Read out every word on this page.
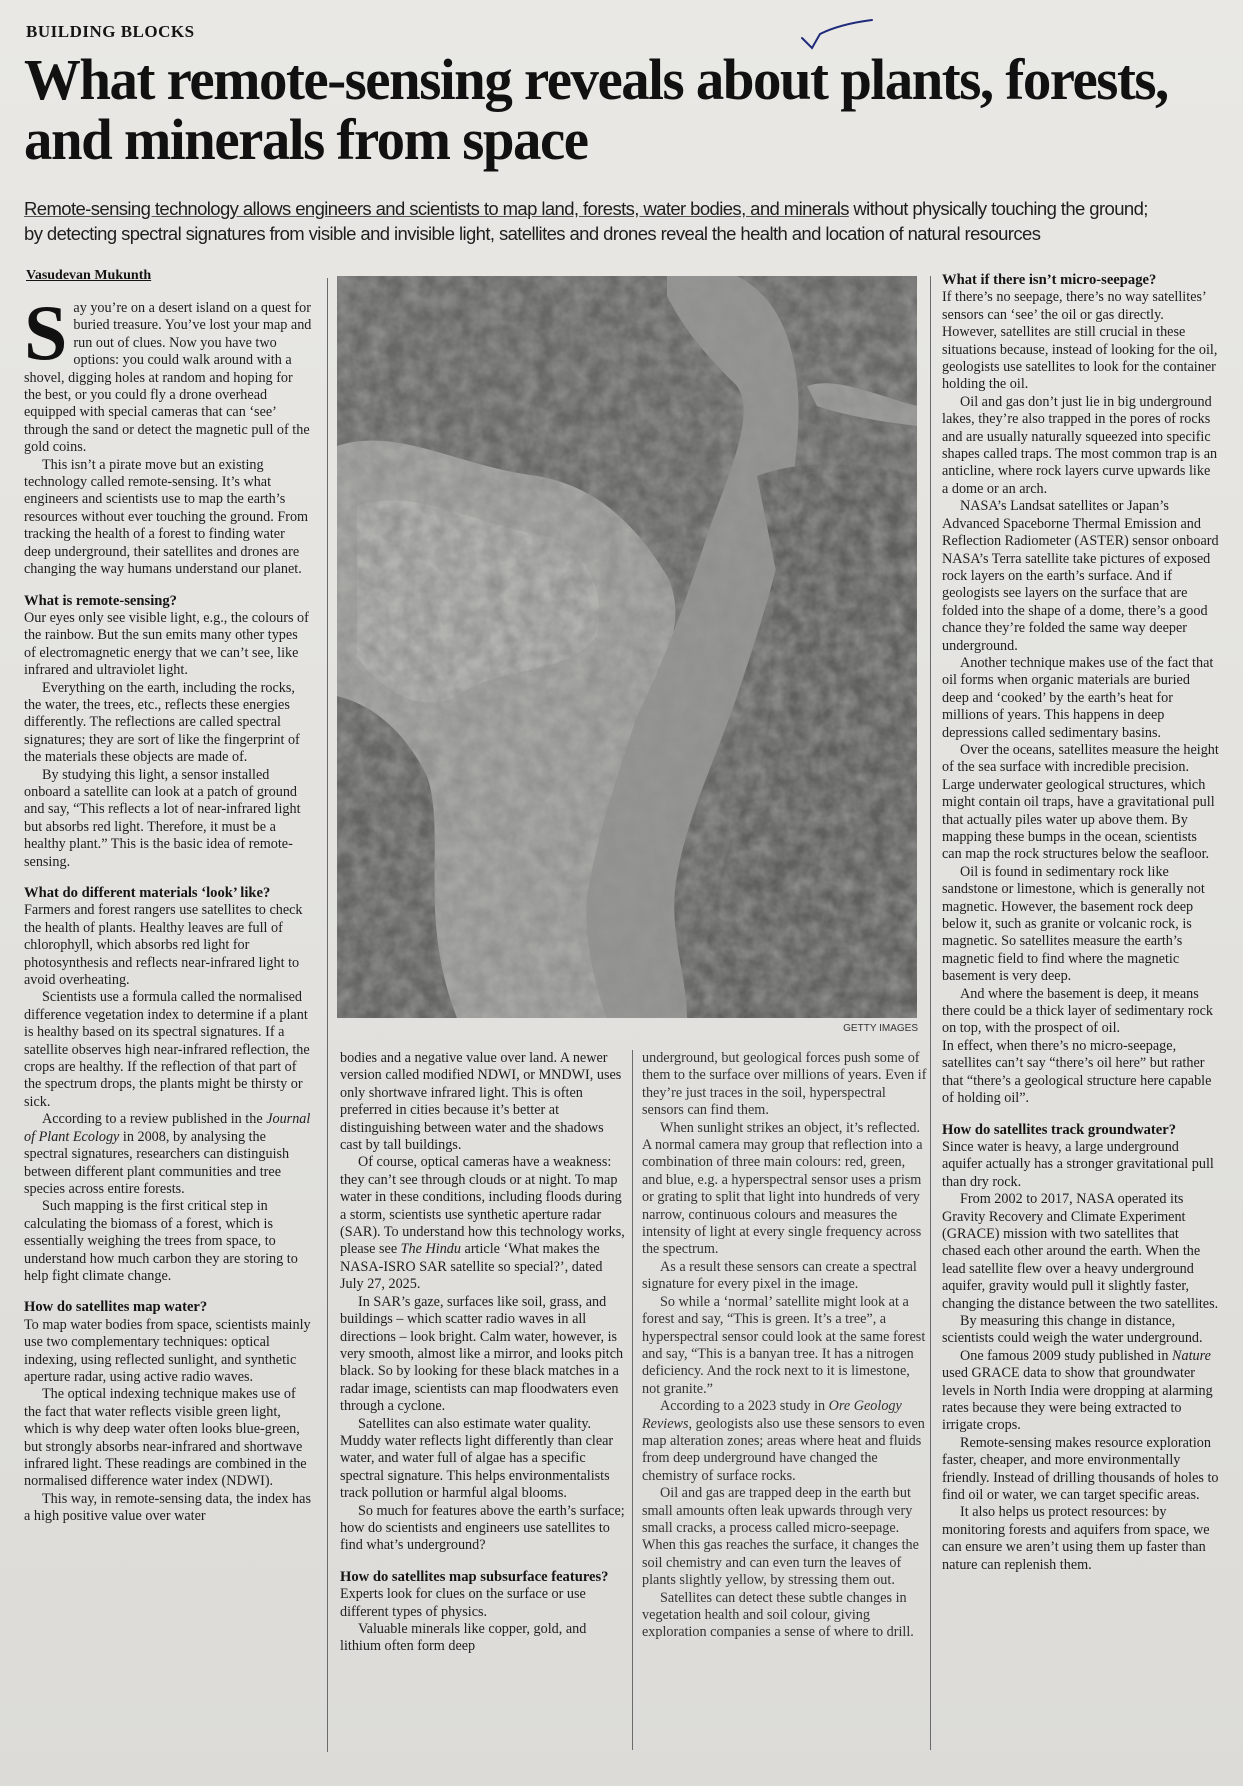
BUILDING BLOCKS
What remote-sensing reveals about plants, forests, and minerals from space

Remote-sensing technology allows engineers and scientists to map land, forests, water bodies, and minerals without physically touching the ground;
by detecting spectral signatures from visible and invisible light, satellites and drones reveal the health and location of natural resources

Vasudevan Mukunth
GETTY IMAGES

Say you’re on a desert island on a quest for buried treasure. You’ve lost your map and run out of clues. Now you have two options: you could walk around with a shovel, digging holes at random and hoping for the best, or you could fly a drone overhead equipped with special cameras that can ‘see’ through the sand or detect the magnetic pull of the gold coins.

This isn’t a pirate move but an existing technology called remote-sensing. It’s what engineers and scientists use to map the earth’s resources without ever touching the ground. From tracking the health of a forest to finding water deep underground, their satellites and drones are changing the way humans understand our planet.

What is remote-sensing?

Our eyes only see visible light, e.g., the colours of the rainbow. But the sun emits many other types of electromagnetic energy that we can’t see, like infrared and ultraviolet light.

Everything on the earth, including the rocks, the water, the trees, etc., reflects these energies differently. The reflections are called spectral signatures; they are sort of like the fingerprint of the materials these objects are made of.

By studying this light, a sensor installed onboard a satellite can look at a patch of ground and say, “This reflects a lot of near-infrared light but absorbs red light. Therefore, it must be a healthy plant.” This is the basic idea of remote-sensing.

What do different materials ‘look’ like?

Farmers and forest rangers use satellites to check the health of plants. Healthy leaves are full of chlorophyll, which absorbs red light for photosynthesis and reflects near-infrared light to avoid overheating.

Scientists use a formula called the normalised difference vegetation index to determine if a plant is healthy based on its spectral signatures. If a satellite observes high near-infrared reflection, the crops are healthy. If the reflection of that part of the spectrum drops, the plants might be thirsty or sick.

According to a review published in the Journal of Plant Ecology in 2008, by analysing the spectral signatures, researchers can distinguish between different plant communities and tree species across entire forests.

Such mapping is the first critical step in calculating the biomass of a forest, which is essentially weighing the trees from space, to understand how much carbon they are storing to help fight climate change.

How do satellites map water?

To map water bodies from space, scientists mainly use two complementary techniques: optical indexing, using reflected sunlight, and synthetic aperture radar, using active radio waves.

The optical indexing technique makes use of the fact that water reflects visible green light, which is why deep water often looks blue-green, but strongly absorbs near-infrared and shortwave infrared light. These readings are combined in the normalised difference water index (NDWI).

This way, in remote-sensing data, the index has a high positive value over water

bodies and a negative value over land. A newer version called modified NDWI, or MNDWI, uses only shortwave infrared light. This is often preferred in cities because it’s better at distinguishing between water and the shadows cast by tall buildings.

Of course, optical cameras have a weakness: they can’t see through clouds or at night. To map water in these conditions, including floods during a storm, scientists use synthetic aperture radar (SAR). To understand how this technology works, please see The Hindu article ‘What makes the NASA-ISRO SAR satellite so special?’, dated July 27, 2025.

In SAR’s gaze, surfaces like soil, grass, and buildings – which scatter radio waves in all directions – look bright. Calm water, however, is very smooth, almost like a mirror, and looks pitch black. So by looking for these black matches in a radar image, scientists can map floodwaters even through a cyclone.

Satellites can also estimate water quality. Muddy water reflects light differently than clear water, and water full of algae has a specific spectral signature. This helps environmentalists track pollution or harmful algal blooms.

So much for features above the earth’s surface; how do scientists and engineers use satellites to find what’s underground?

How do satellites map subsurface features?

Experts look for clues on the surface or use different types of physics.

Valuable minerals like copper, gold, and lithium often form deep

underground, but geological forces push some of them to the surface over millions of years. Even if they’re just traces in the soil, hyperspectral sensors can find them.

When sunlight strikes an object, it’s reflected. A normal camera may group that reflection into a combination of three main colours: red, green, and blue, e.g. a hyperspectral sensor uses a prism or grating to split that light into hundreds of very narrow, continuous colours and measures the intensity of light at every single frequency across the spectrum.

As a result these sensors can create a spectral signature for every pixel in the image.

So while a ‘normal’ satellite might look at a forest and say, “This is green. It’s a tree”, a hyperspectral sensor could look at the same forest and say, “This is a banyan tree. It has a nitrogen deficiency. And the rock next to it is limestone, not granite.”

According to a 2023 study in Ore Geology Reviews, geologists also use these sensors to even map alteration zones; areas where heat and fluids from deep underground have changed the chemistry of surface rocks.

Oil and gas are trapped deep in the earth but small amounts often leak upwards through very small cracks, a process called micro-seepage. When this gas reaches the surface, it changes the soil chemistry and can even turn the leaves of plants slightly yellow, by stressing them out.

Satellites can detect these subtle changes in vegetation health and soil colour, giving exploration companies a sense of where to drill.

What if there isn’t micro-seepage?

If there’s no seepage, there’s no way satellites’ sensors can ‘see’ the oil or gas directly. However, satellites are still crucial in these situations because, instead of looking for the oil, geologists use satellites to look for the container holding the oil.

Oil and gas don’t just lie in big underground lakes, they’re also trapped in the pores of rocks and are usually naturally squeezed into specific shapes called traps. The most common trap is an anticline, where rock layers curve upwards like a dome or an arch.

NASA’s Landsat satellites or Japan’s Advanced Spaceborne Thermal Emission and Reflection Radiometer (ASTER) sensor onboard NASA’s Terra satellite take pictures of exposed rock layers on the earth’s surface. And if geologists see layers on the surface that are folded into the shape of a dome, there’s a good chance they’re folded the same way deeper underground.

Another technique makes use of the fact that oil forms when organic materials are buried deep and ‘cooked’ by the earth’s heat for millions of years. This happens in deep depressions called sedimentary basins.

Over the oceans, satellites measure the height of the sea surface with incredible precision. Large underwater geological structures, which might contain oil traps, have a gravitational pull that actually piles water up above them. By mapping these bumps in the ocean, scientists can map the rock structures below the seafloor.

Oil is found in sedimentary rock like sandstone or limestone, which is generally not magnetic. However, the basement rock deep below it, such as granite or volcanic rock, is magnetic. So satellites measure the earth’s magnetic field to find where the magnetic basement is very deep.

And where the basement is deep, it means there could be a thick layer of sedimentary rock on top, with the prospect of oil.

In effect, when there’s no micro-seepage, satellites can’t say “there’s oil here” but rather that “there’s a geological structure here capable of holding oil”.

How do satellites track groundwater?

Since water is heavy, a large underground aquifer actually has a stronger gravitational pull than dry rock.

From 2002 to 2017, NASA operated its Gravity Recovery and Climate Experiment (GRACE) mission with two satellites that chased each other around the earth. When the lead satellite flew over a heavy underground aquifer, gravity would pull it slightly faster, changing the distance between the two satellites.

By measuring this change in distance, scientists could weigh the water underground.

One famous 2009 study published in Nature used GRACE data to show that groundwater levels in North India were dropping at alarming rates because they were being extracted to irrigate crops.

Remote-sensing makes resource exploration faster, cheaper, and more environmentally friendly. Instead of drilling thousands of holes to find oil or water, we can target specific areas.

It also helps us protect resources: by monitoring forests and aquifers from space, we can ensure we aren’t using them up faster than nature can replenish them.
